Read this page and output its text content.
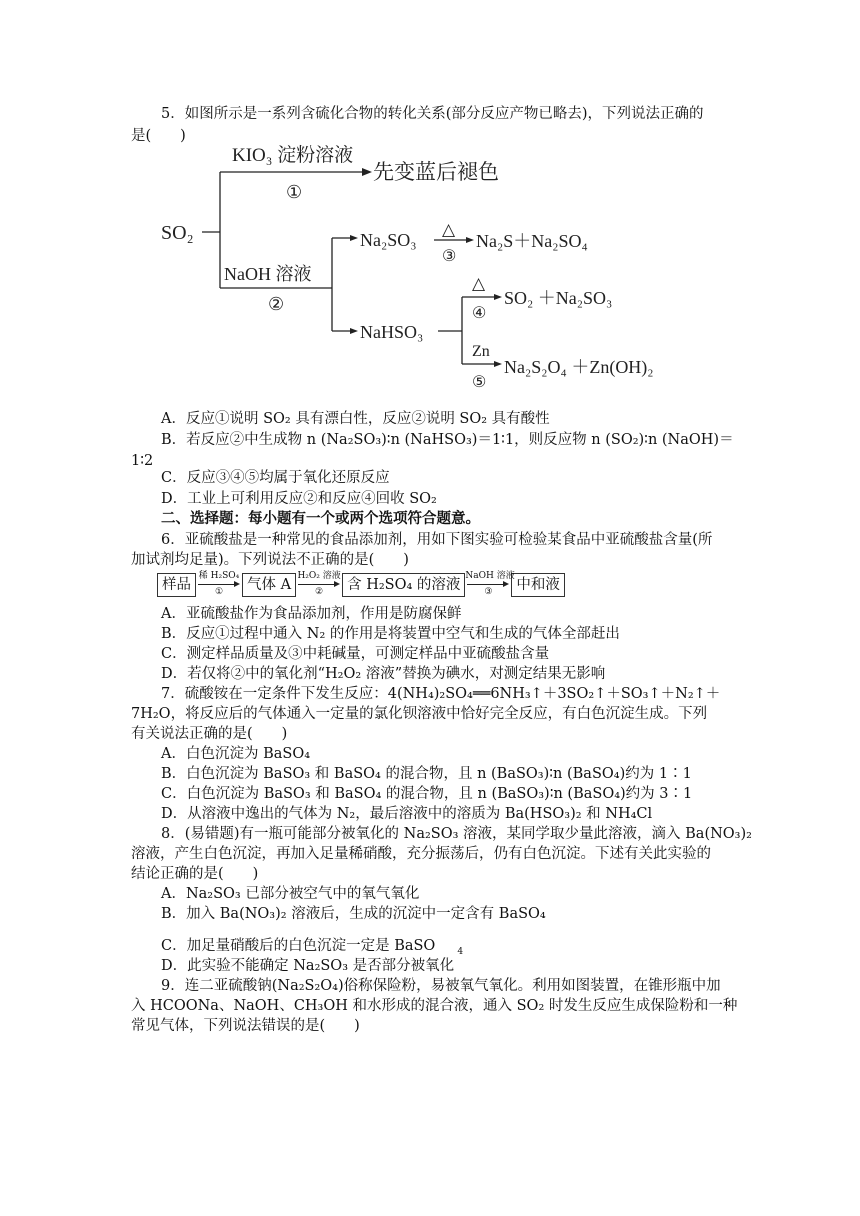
5．如图所示是一系列含硫化合物的转化关系(部分反应产物已略去)，下列说法正确的
是(　　)
KIO₃ 淀粉溶液
先变蓝后褪色
①
SO₂
NaOH 溶液
②
Na₂SO₃
△
③
Na₂S＋Na₂SO₄
NaHSO₃
△
④
SO₂ ＋Na₂SO₃
Zn
⑤
Na₂S₂O₄ ＋Zn(OH)₂
A．反应①说明 SO₂ 具有漂白性，反应②说明 SO₂ 具有酸性
B．若反应②中生成物 n (Na₂SO₃)∶n (NaHSO₃)＝1∶1，则反应物 n (SO₂)∶n (NaOH)＝
1∶2
C．反应③④⑤均属于氧化还原反应
D．工业上可利用反应②和反应④回收 SO₂
二、选择题：每小题有一个或两个选项符合题意。
6．亚硫酸盐是一种常见的食品添加剂，用如下图实验可检验某食品中亚硫酸盐含量(所
加试剂均足量)。下列说法不正确的是(　　)
样品
稀 H₂SO₄
①	气体 A
H₂O₂ 溶液
②	含 H₂SO₄ 的溶液
NaOH 溶液
③	中和液
A．亚硫酸盐作为食品添加剂，作用是防腐保鲜
B．反应①过程中通入 N₂ 的作用是将装置中空气和生成的气体全部赶出
C．测定样品质量及③中耗碱量，可测定样品中亚硫酸盐含量
D．若仅将②中的氧化剂“H₂O₂ 溶液”替换为碘水，对测定结果无影响
7．硫酸铵在一定条件下发生反应：4(NH₄)₂SO₄══6NH₃↑＋3SO₂↑＋SO₃↑＋N₂↑＋
7H₂O，将反应后的气体通入一定量的氯化钡溶液中恰好完全反应，有白色沉淀生成。下列
有关说法正确的是(　　)
A．白色沉淀为 BaSO₄
B．白色沉淀为 BaSO₃ 和 BaSO₄ 的混合物，且 n (BaSO₃)∶n (BaSO₄)约为 1∶1
C．白色沉淀为 BaSO₃ 和 BaSO₄ 的混合物，且 n (BaSO₃)∶n (BaSO₄)约为 3∶1
D．从溶液中逸出的气体为 N₂，最后溶液中的溶质为 Ba(HSO₃)₂ 和 NH₄Cl
8．(易错题)有一瓶可能部分被氧化的 Na₂SO₃ 溶液，某同学取少量此溶液，滴入 Ba(NO₃)₂
溶液，产生白色沉淀，再加入足量稀硝酸，充分振荡后，仍有白色沉淀。下述有关此实验的
结论正确的是(　　)
A．Na₂SO₃ 已部分被空气中的氧气氧化
B．加入 Ba(NO₃)₂ 溶液后，生成的沉淀中一定含有 BaSO₄
C．加足量硝酸后的白色沉淀一定是 BaSO $_4$
D．此实验不能确定 Na₂SO₃ 是否部分被氧化
9．连二亚硫酸钠(Na₂S₂O₄)俗称保险粉，易被氧气氧化。利用如图装置，在锥形瓶中加
入 HCOONa、NaOH、CH₃OH 和水形成的混合液，通入 SO₂ 时发生反应生成保险粉和一种
常见气体，下列说法错误的是(　　)
